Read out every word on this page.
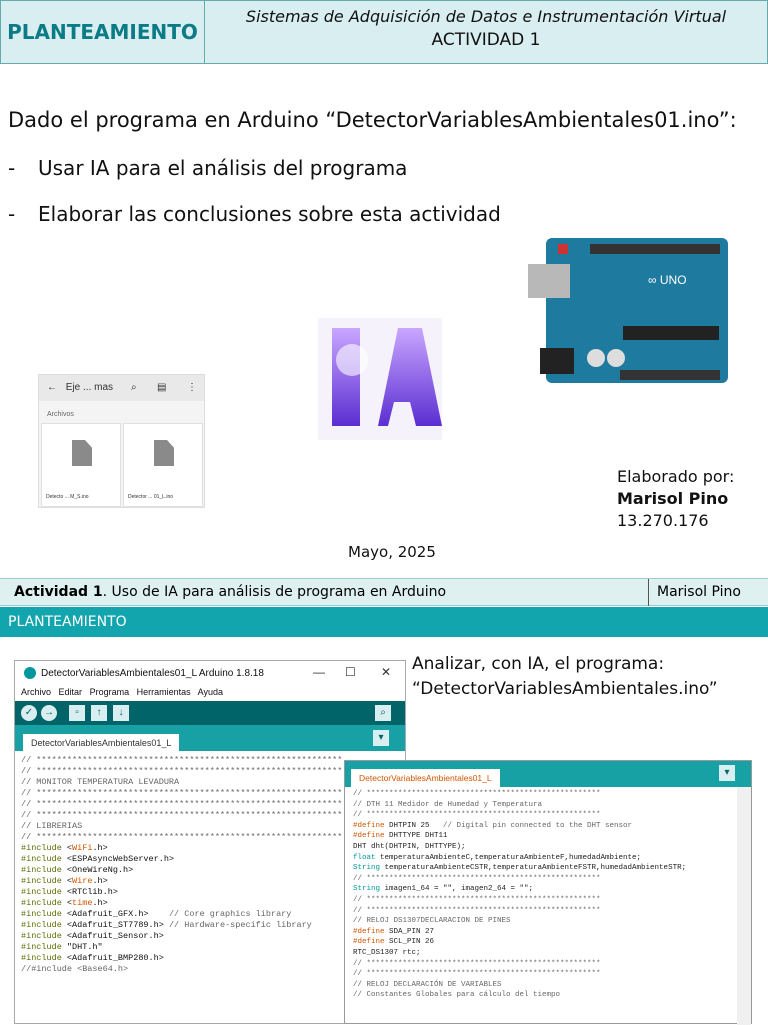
PLANTEAMIENTO
Sistemas de Adquisición de Datos e Instrumentación Virtual
ACTIVIDAD 1
Dado el programa en Arduino “DetectorVariablesAmbientales01.ino”:
- Usar IA para el análisis del programa
- Elaborar las conclusiones sobre esta actividad
← Eje ... mas ⌕ ▤ ⋮
Archivos
Detecto ... M_S.ino	Detector ... 01_L.ino
∞ UNO
Elaborado por:
Marisol Pino
13.270.176
Mayo, 2025
Actividad 1. Uso de IA para análisis de programa en Arduino	Marisol Pino
PLANTEAMIENTO
Analizar, con IA, el programa:
“DetectorVariablesAmbientales.ino”
DetectorVariablesAmbientales01_L Arduino 1.8.18	— ☐ ✕
Archivo Editar Programa Herramientas Ayuda
✓	→	▫	↑	↓	⌕
DetectorVariablesAmbientales01_L	▾
// ************************************************************
// ************************************************************
// MONITOR TEMPERATURA LEVADURA
// ************************************************************
// ************************************************************
// ************************************************************
// LIBRERIAS
// ************************************************************
#include <WiFi.h>
#include <ESPAsyncWebServer.h>
#include <OneWireNg.h>
#include <Wire.h>
#include <RTClib.h>
#include <time.h>
#include <Adafruit_GFX.h> // Core graphics library
#include <Adafruit_ST7789.h> // Hardware-specific library
#include <Adafruit_Sensor.h>
#include "DHT.h"
#include <Adafruit_BMP280.h>
//#include <Base64.h>
DetectorVariablesAmbientales01_L	▾
// ****************************************************
// DTH 11 Medidor de Humedad y Temperatura
// ****************************************************
#define DHTPIN 25   // Digital pin connected to the DHT sensor
#define DHTTYPE DHT11
DHT dht(DHTPIN, DHTTYPE);
float temperaturaAmbienteC,temperaturaAmbienteF,humedadAmbiente;
String temperaturaAmbienteCSTR,temperaturaAmbienteFSTR,humedadAmbienteSTR;
// ****************************************************
String imagen1_64 = "", imagen2_64 = "";
// ****************************************************
// ****************************************************
// RELOJ DS1307DECLARACION DE PINES
#define SDA_PIN 27
#define SCL_PIN 26
RTC_DS1307 rtc;
// ****************************************************
// ****************************************************
// RELOJ DECLARACIÓN DE VARIABLES
// Constantes Globales para cálculo del tiempo
